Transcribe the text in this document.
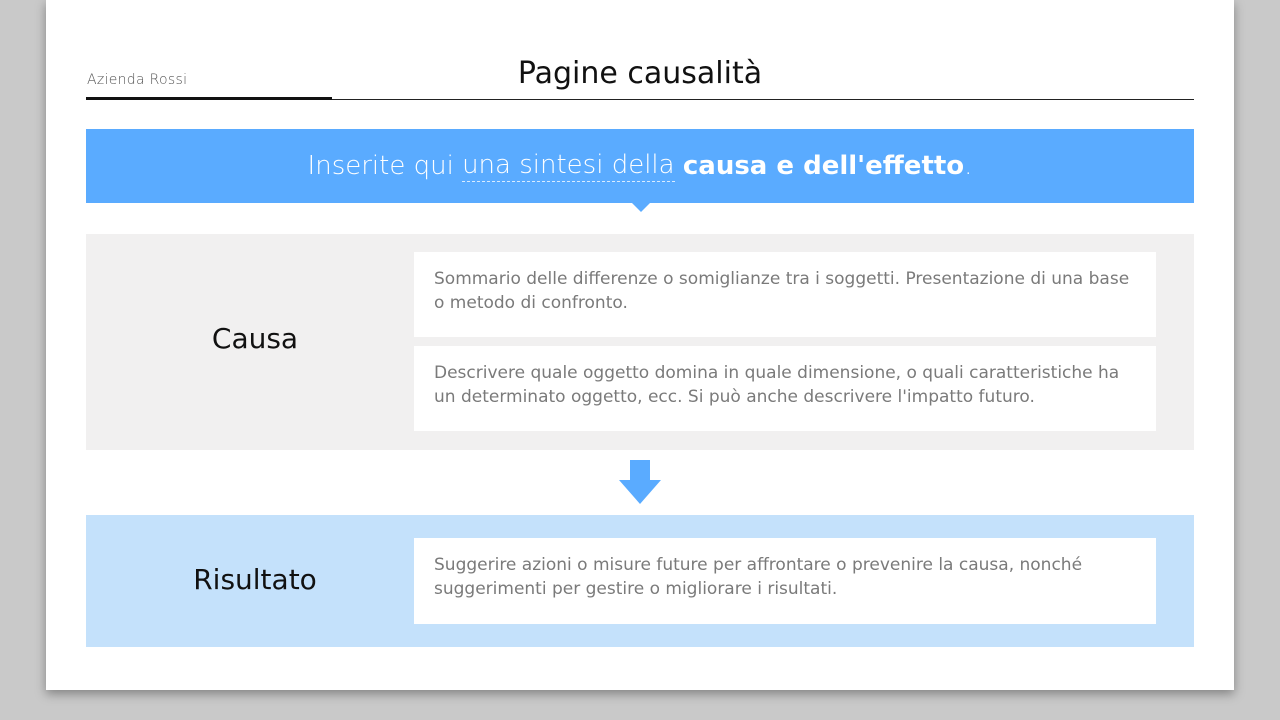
Azienda Rossi	Pagine causalità
Inserite qui una sintesi della
causa e dell'effetto .
Causa
Sommario delle differenze o somiglianze tra i soggetti. Presentazione di una base o metodo di confronto.
Descrivere quale oggetto domina in quale dimensione, o quali caratteristiche ha un determinato oggetto, ecc. Si può anche descrivere l'impatto futuro.
Risultato	Suggerire azioni o misure future per affrontare o prevenire la causa, nonché suggerimenti per gestire o migliorare i risultati.
